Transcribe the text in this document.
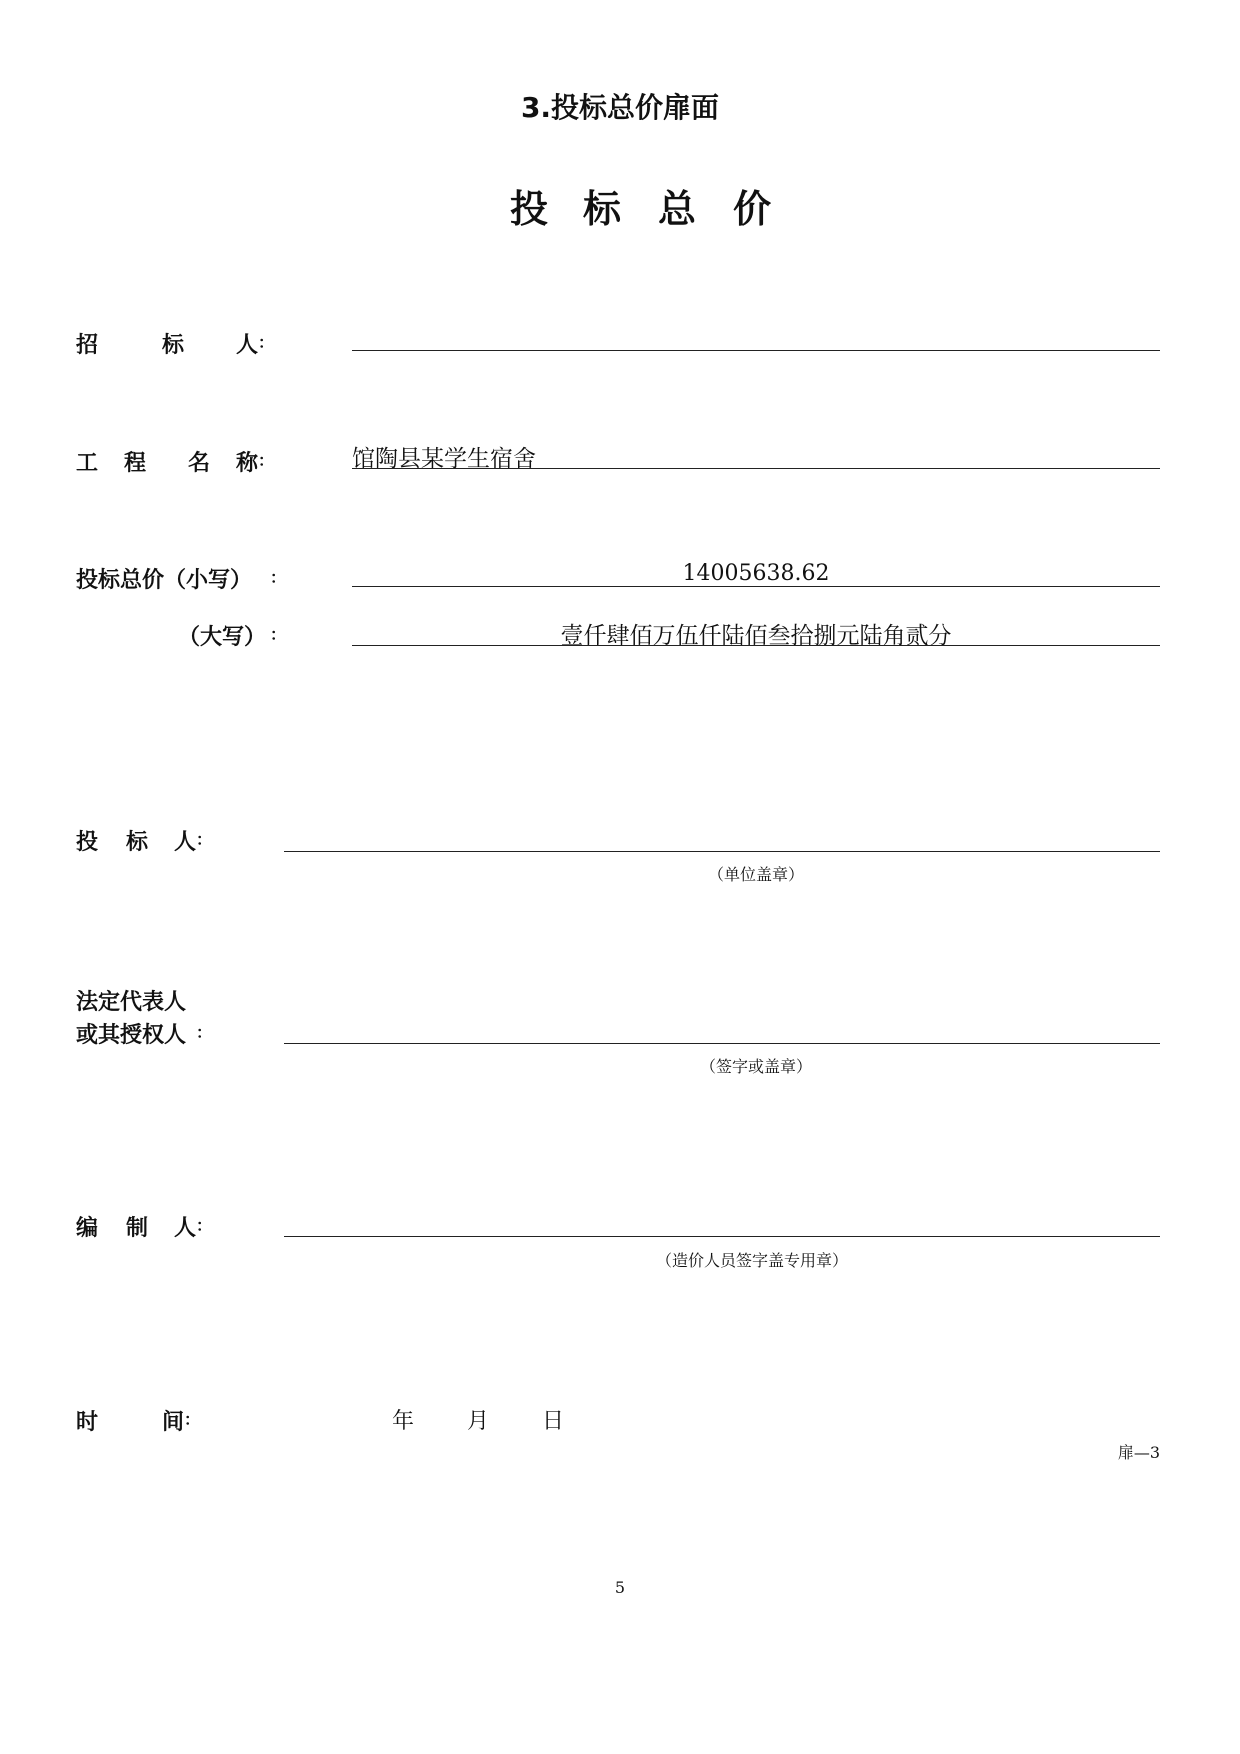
3.投标总价扉面
投 标 总 价
招	标 人 ：
工 程 名 称 ：	馆陶县某学生宿舍
投标总价（小写） ：	14005638.62
（大写） ：	壹仟肆佰万伍仟陆佰叁拾捌元陆角贰分
投 标 人 ：
（单位盖章）
法定代表人
或其授权人 ：
（签字或盖章）
编 制 人 ：
（造价人员签字盖专用章）
时	间 ：	年 月 日
扉—3
5
